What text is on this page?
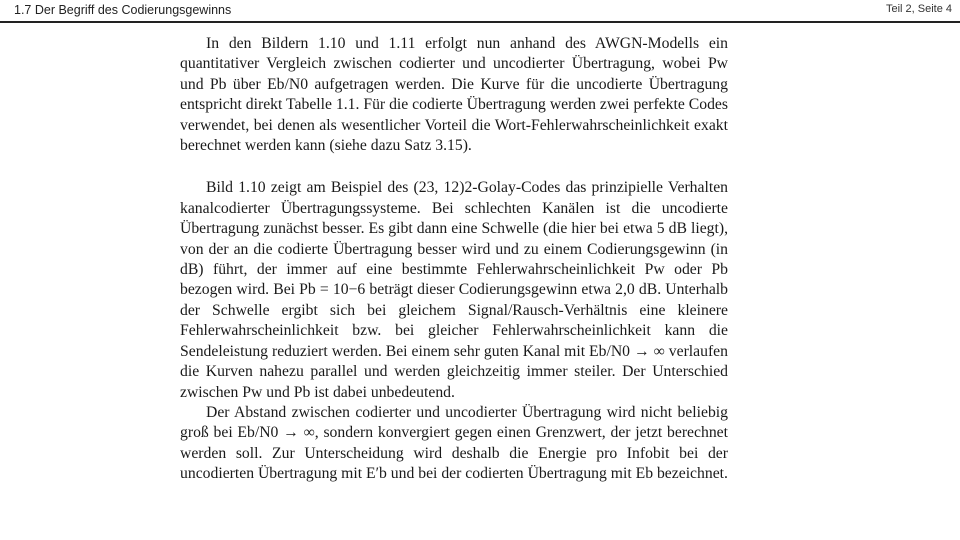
1.7 Der Begriff des Codierungsgewinns	Teil 2, Seite 4

In den Bildern 1.10 und 1.11 erfolgt nun anhand des AWGN-Modells ein quantitativer Vergleich zwischen codierter und uncodierter Übertragung, wobei Pw und Pb über Eb/N0 aufgetragen werden. Die Kurve für die uncodierte Übertragung entspricht direkt Tabelle 1.1. Für die codierte Übertragung werden zwei perfekte Codes verwendet, bei denen als wesentlicher Vorteil die Wort-Fehlerwahrscheinlichkeit exakt berechnet werden kann (siehe dazu Satz 3.15).

Bild 1.10 zeigt am Beispiel des (23, 12)2-Golay-Codes das prinzipielle Verhalten kanalcodierter Übertragungssysteme. Bei schlechten Kanälen ist die uncodierte Übertragung zunächst besser. Es gibt dann eine Schwelle (die hier bei etwa 5 dB liegt), von der an die codierte Übertragung besser wird und zu einem Codierungsgewinn (in dB) führt, der immer auf eine bestimmte Fehlerwahrscheinlichkeit Pw oder Pb bezogen wird. Bei Pb = 10−6 beträgt dieser Codierungsgewinn etwa 2,0 dB. Unterhalb der Schwelle ergibt sich bei gleichem Signal/Rausch-Verhältnis eine kleinere Fehlerwahrscheinlichkeit bzw. bei gleicher Fehlerwahrscheinlichkeit kann die Sendeleistung reduziert werden. Bei einem sehr guten Kanal mit Eb/N0 → ∞ verlaufen die Kurven nahezu parallel und werden gleichzeitig immer steiler. Der Unterschied zwischen Pw und Pb ist dabei unbedeutend.

Der Abstand zwischen codierter und uncodierter Übertragung wird nicht beliebig groß bei Eb/N0 → ∞, sondern konvergiert gegen einen Grenzwert, der jetzt berechnet werden soll. Zur Unterscheidung wird deshalb die Energie pro Infobit bei der uncodierten Übertragung mit E′b und bei der codierten Übertragung mit Eb bezeichnet.
